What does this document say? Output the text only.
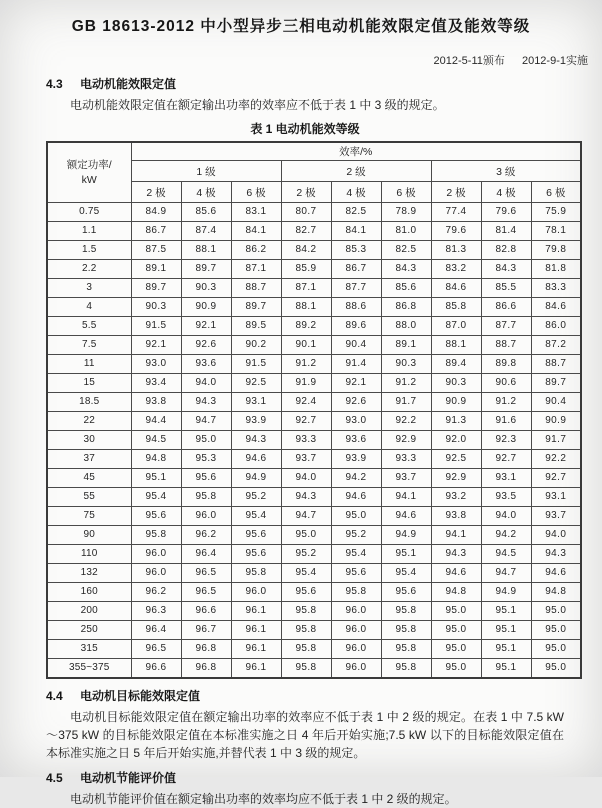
GB 18613-2012 中小型异步三相电动机能效限定值及能效等级
2012-5-11颁布 2012-9-1实施
4.3 电动机能效限定值

电动机能效限定值在额定输出功率的效率应不低于表 1 中 3 级的规定。

表 1 电动机能效等级

额定功率/
kW	效率/%								
	1 级			2 级			3 级		
	2 极	4 极	6 极	2 极	4 极	6 极	2 极	4 极	6 极
0.75	84.9	85.6	83.1	80.7	82.5	78.9	77.4	79.6	75.9
1.1	86.7	87.4	84.1	82.7	84.1	81.0	79.6	81.4	78.1
1.5	87.5	88.1	86.2	84.2	85.3	82.5	81.3	82.8	79.8
2.2	89.1	89.7	87.1	85.9	86.7	84.3	83.2	84.3	81.8
3	89.7	90.3	88.7	87.1	87.7	85.6	84.6	85.5	83.3
4	90.3	90.9	89.7	88.1	88.6	86.8	85.8	86.6	84.6
5.5	91.5	92.1	89.5	89.2	89.6	88.0	87.0	87.7	86.0
7.5	92.1	92.6	90.2	90.1	90.4	89.1	88.1	88.7	87.2
11	93.0	93.6	91.5	91.2	91.4	90.3	89.4	89.8	88.7
15	93.4	94.0	92.5	91.9	92.1	91.2	90.3	90.6	89.7
18.5	93.8	94.3	93.1	92.4	92.6	91.7	90.9	91.2	90.4
22	94.4	94.7	93.9	92.7	93.0	92.2	91.3	91.6	90.9
30	94.5	95.0	94.3	93.3	93.6	92.9	92.0	92.3	91.7
37	94.8	95.3	94.6	93.7	93.9	93.3	92.5	92.7	92.2
45	95.1	95.6	94.9	94.0	94.2	93.7	92.9	93.1	92.7
55	95.4	95.8	95.2	94.3	94.6	94.1	93.2	93.5	93.1
75	95.6	96.0	95.4	94.7	95.0	94.6	93.8	94.0	93.7
90	95.8	96.2	95.6	95.0	95.2	94.9	94.1	94.2	94.0
110	96.0	96.4	95.6	95.2	95.4	95.1	94.3	94.5	94.3
132	96.0	96.5	95.8	95.4	95.6	95.4	94.6	94.7	94.6
160	96.2	96.5	96.0	95.6	95.8	95.6	94.8	94.9	94.8
200	96.3	96.6	96.1	95.8	96.0	95.8	95.0	95.1	95.0
250	96.4	96.7	96.1	95.8	96.0	95.8	95.0	95.1	95.0
315	96.5	96.8	96.1	95.8	96.0	95.8	95.0	95.1	95.0
355~375	96.6	96.8	96.1	95.8	96.0	95.8	95.0	95.1	95.0
4.4 电动机目标能效限定值

电动机目标能效限定值在额定输出功率的效率应不低于表 1 中 2 级的规定。在表 1 中 7.5 kW～375 kW 的目标能效限定值在本标准实施之日 4 年后开始实施;7.5 kW 以下的目标能效限定值在本标准实施之日 5 年后开始实施,并替代表 1 中 3 级的规定。

4.5 电动机节能评价值

电动机节能评价值在额定输出功率的效率均应不低于表 1 中 2 级的规定。
